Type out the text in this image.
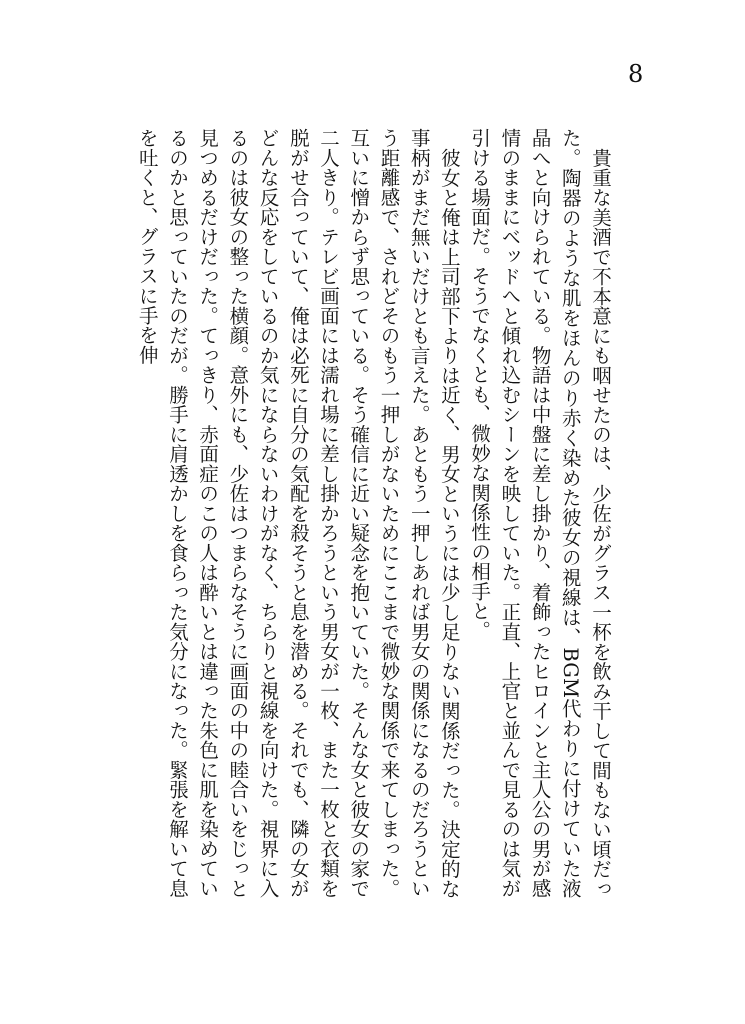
8

貴重な美酒で不本意にも咽せたのは、少佐がグラス一杯を飲み干して間もない頃だった。陶器のような肌をほんのり赤く染めた彼女の視線は、BGM代わりに付けていた液晶へと向けられている。物語は中盤に差し掛かり、着飾ったヒロインと主人公の男が感情のままにベッドへと傾れ込むシーンを映していた。正直、上官と並んで見るのは気が引ける場面だ。そうでなくとも、微妙な関係性の相手と。

彼女と俺は上司部下よりは近く、男女というには少し足りない関係だった。決定的な事柄がまだ無いだけとも言えた。あともう一押しあれば男女の関係になるのだろうという距離感で、されどそのもう一押しがないためにここまで微妙な関係で来てしまった。互いに憎からず思っている。そう確信に近い疑念を抱いていた。そんな女と彼女の家で二人きり。テレビ画面には濡れ場に差し掛かろうという男女が一枚、また一枚と衣類を脱がせ合っていて、俺は必死に自分の気配を殺そうと息を潜める。それでも、隣の女がどんな反応をしているのか気にならないわけがなく、ちらりと視線を向けた。視界に入るのは彼女の整った横顔。意外にも、少佐はつまらなそうに画面の中の睦合いをじっと見つめるだけだった。てっきり、赤面症のこの人は酔いとは違った朱色に肌を染めているのかと思っていたのだが。勝手に肩透かしを食らった気分になった。緊張を解いて息を吐くと、グラスに手を伸
